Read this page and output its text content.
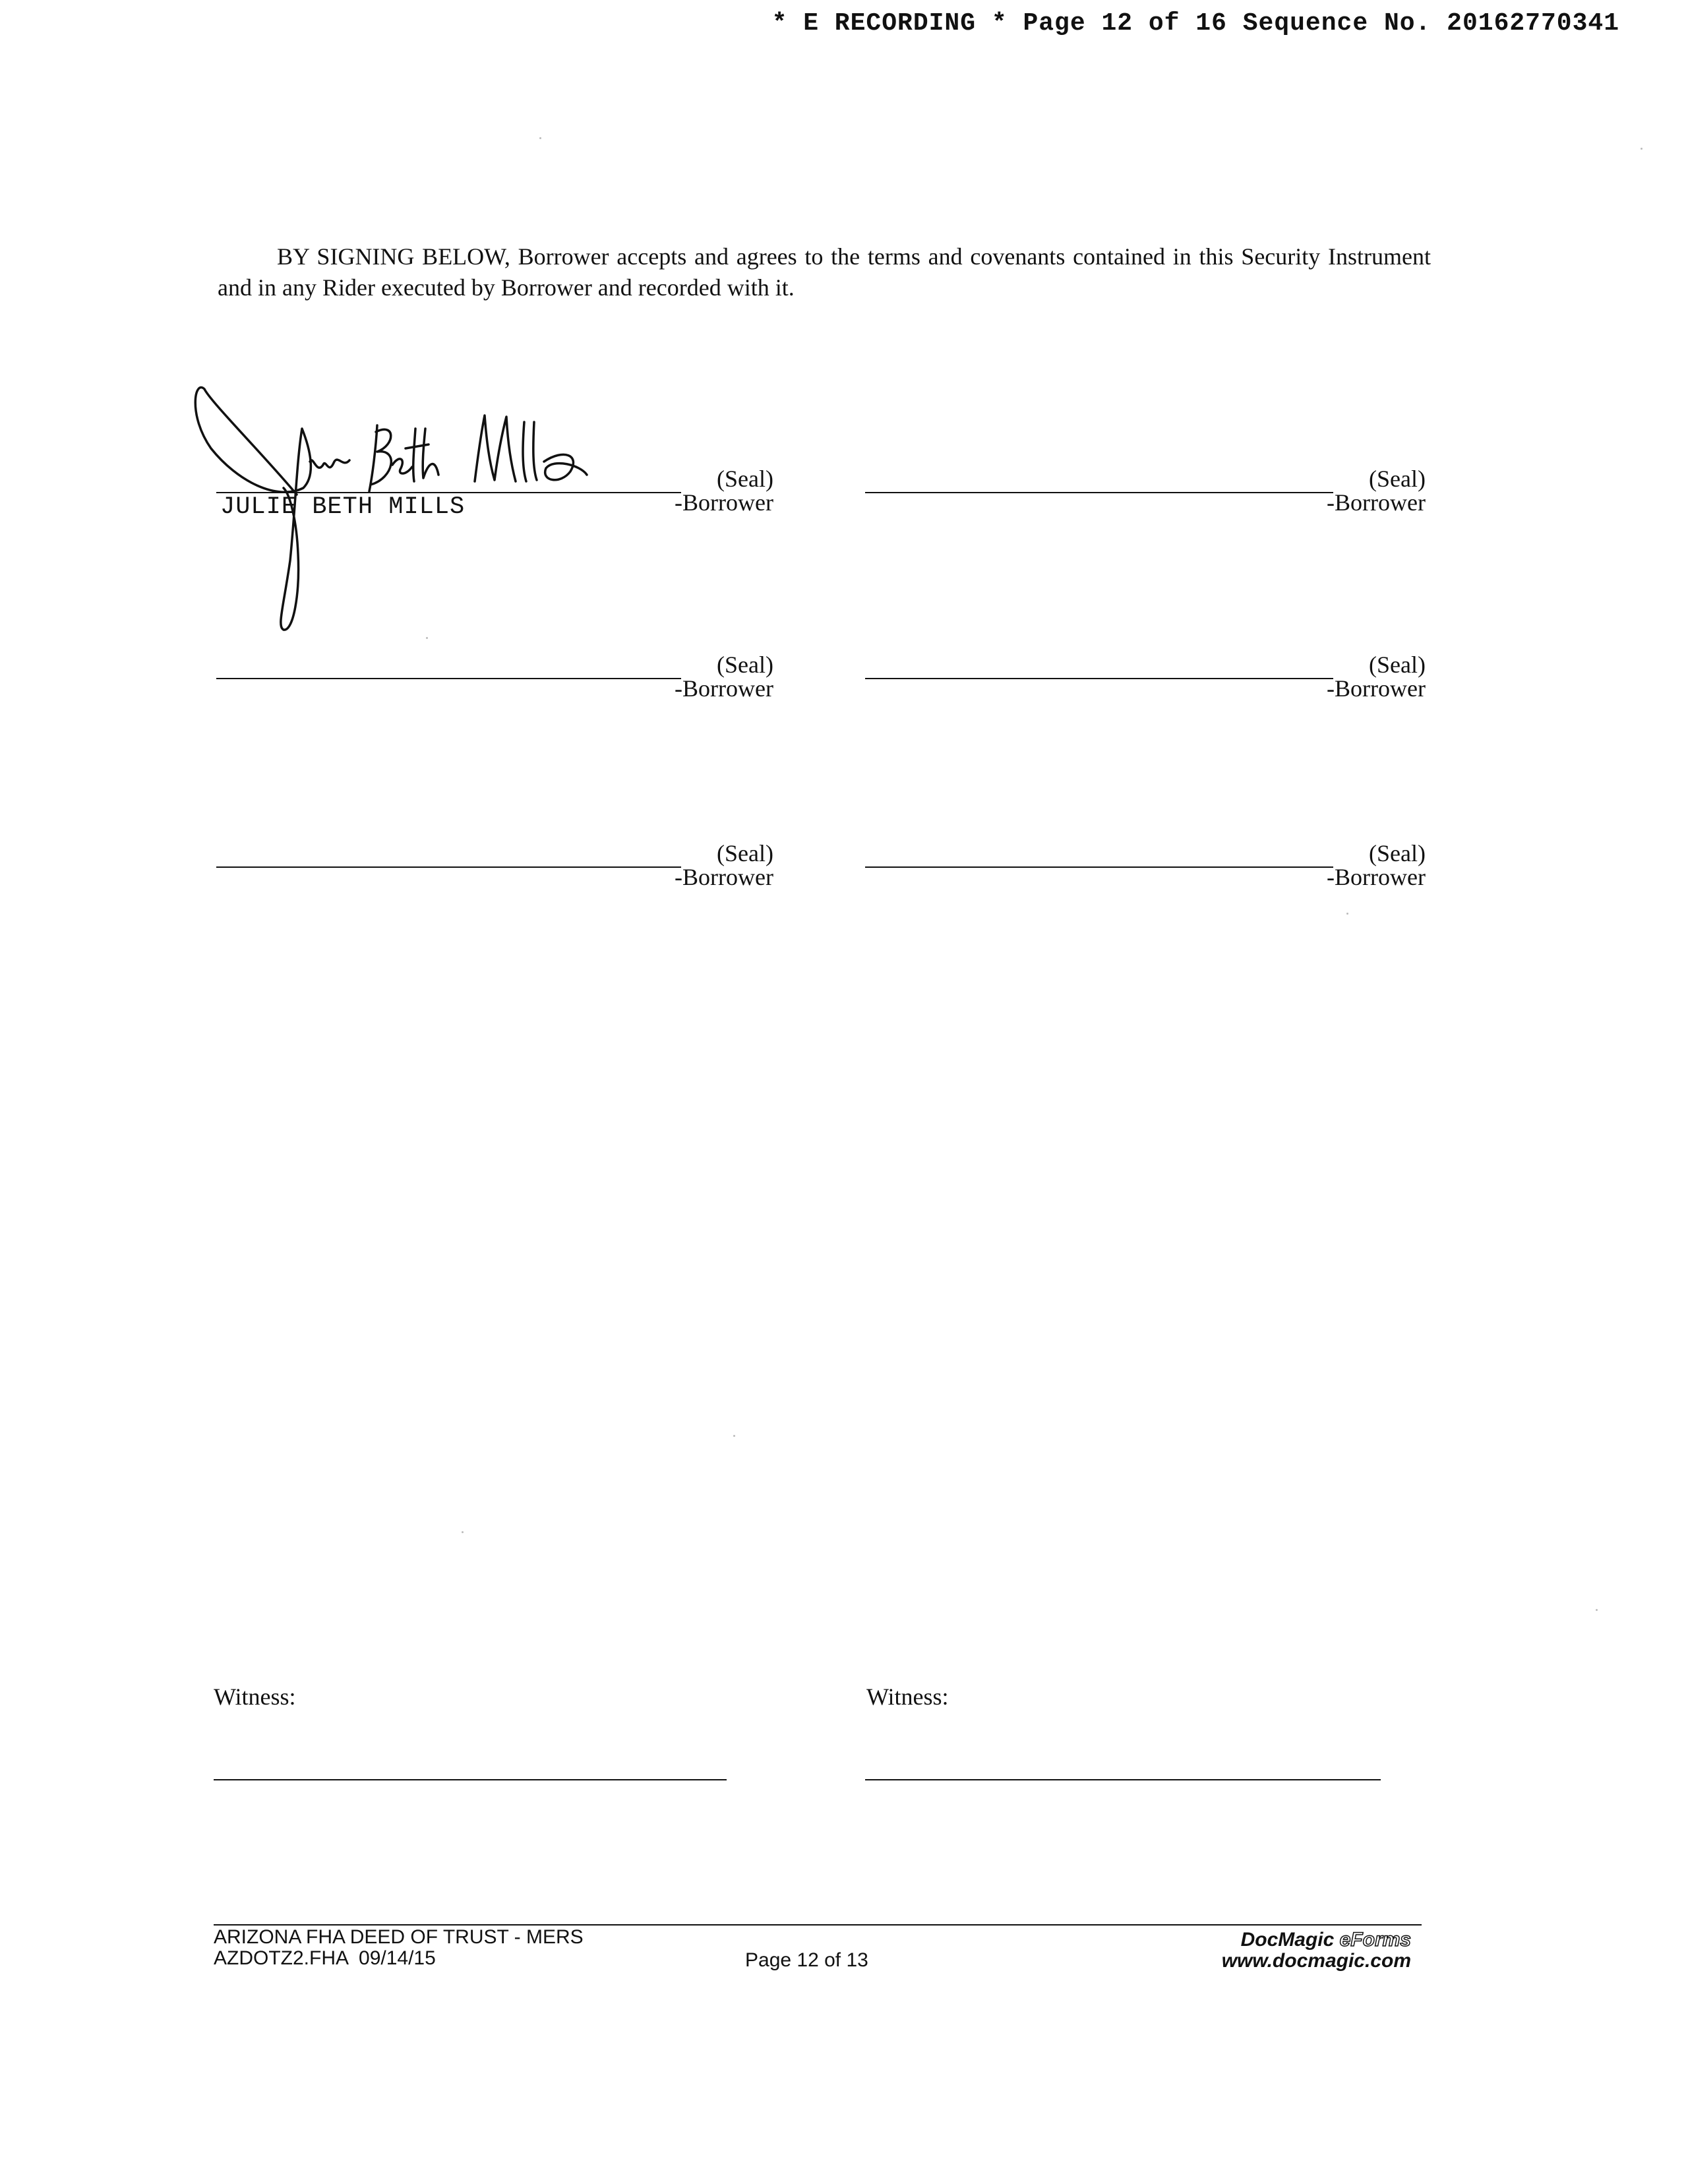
* E RECORDING * Page 12 of 16 Sequence No. 20162770341

BY SIGNING BELOW, Borrower accepts and agrees to the terms and covenants contained in this Security Instrument and in any Rider executed by Borrower and recorded with it.

JULIE BETH MILLS
(Seal)
-Borrower
(Seal)
-Borrower
(Seal)
-Borrower
(Seal)
-Borrower
(Seal)
-Borrower
(Seal)
-Borrower
Witness:	Witness:
ARIZONA FHA DEED OF TRUST - MERS
AZDOTZ2.FHA  09/14/15	Page 12 of 13
DocMagic eForms
www.docmagic.com
